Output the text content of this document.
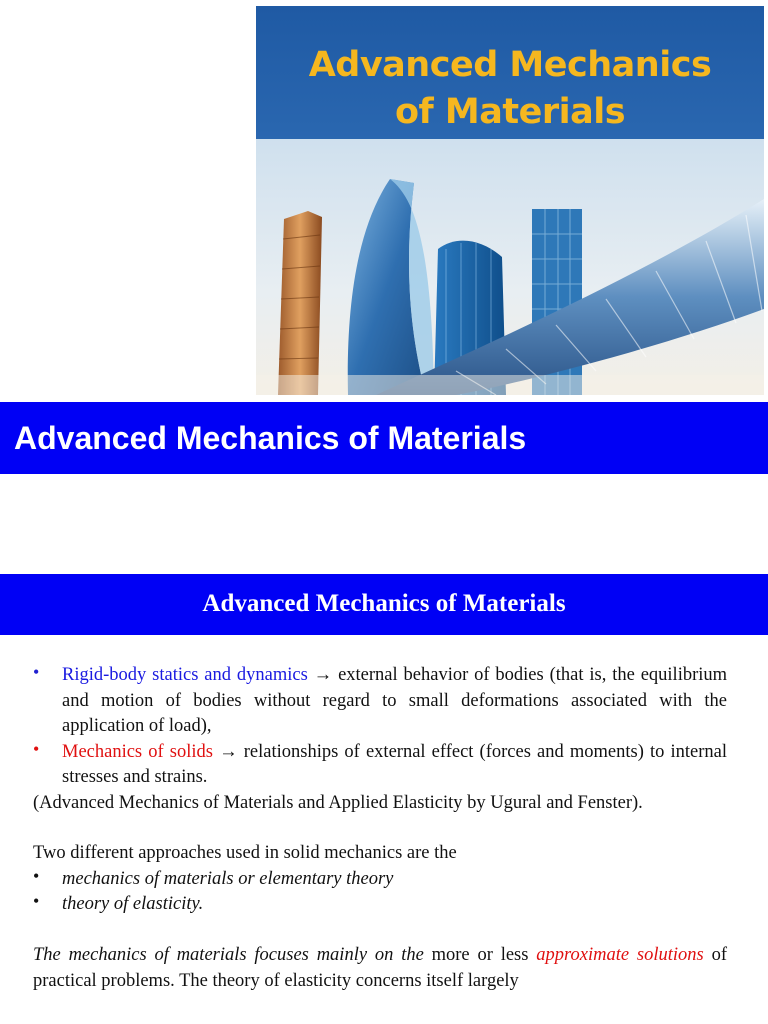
Advanced Mechanics
of Materials
Advanced Mechanics of Materials
Advanced Mechanics of Materials
• Rigid-body statics and dynamics → external behavior of bodies (that is, the equilibrium and motion of bodies without regard to small deformations associated with the application of load),
• Mechanics of solids → relationships of external effect (forces and moments) to internal stresses and strains.
(Advanced Mechanics of Materials and Applied Elasticity by Ugural and Fenster).
Two different approaches used in solid mechanics are the
• mechanics of materials or elementary theory
• theory of elasticity.
The mechanics of materials focuses mainly on the more or less approximate solutions of practical problems. The theory of elasticity concerns itself largely
